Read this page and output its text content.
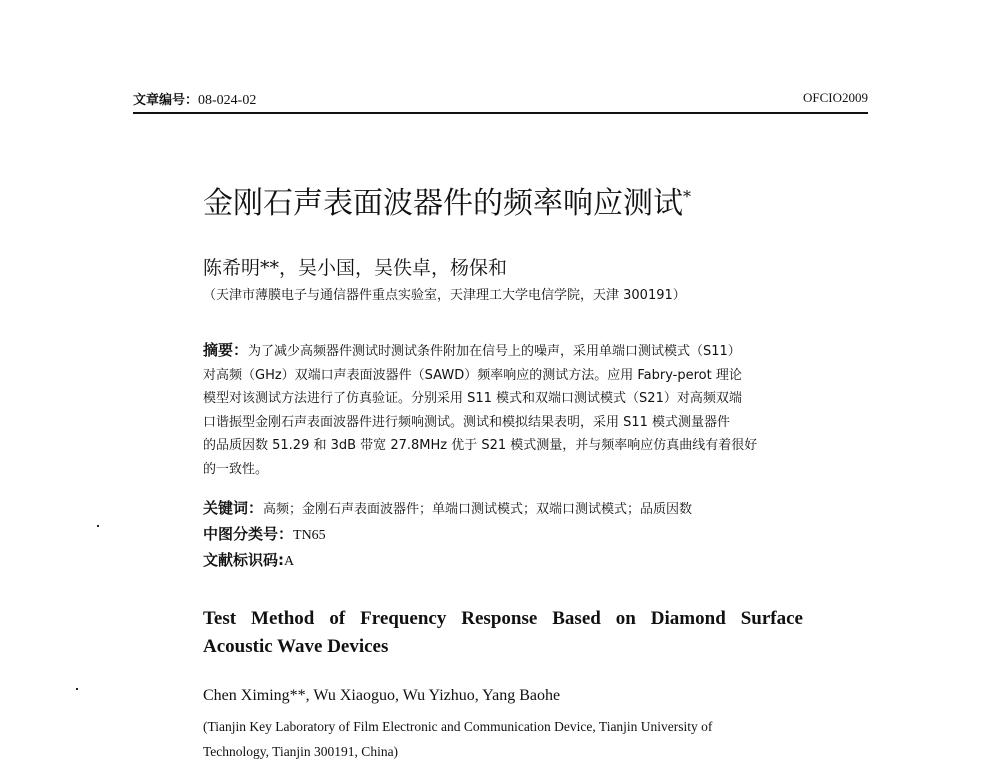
文章编号：08-024-02	OFCIO2009
金刚石声表面波器件的频率响应测试*
陈希明**，吴小国，吴佚卓，杨保和
（天津市薄膜电子与通信器件重点实验室，天津理工大学电信学院，天津 300191）
摘要：为了减少高频器件测试时测试条件附加在信号上的噪声，采用单端口测试模式（S11）
对高频（GHz）双端口声表面波器件（SAWD）频率响应的测试方法。应用 Fabry-perot 理论
模型对该测试方法进行了仿真验证。分别采用 S11 模式和双端口测试模式（S21）对高频双端
口谐振型金刚石声表面波器件进行频响测试。测试和模拟结果表明，采用 S11 模式测量器件
的品质因数 51.29 和 3dB 带宽 27.8MHz 优于 S21 模式测量，并与频率响应仿真曲线有着很好
的一致性。
关键词：高频；金刚石声表面波器件；单端口测试模式；双端口测试模式；品质因数
中图分类号：TN65
文献标识码:A
Test Method of Frequency Response Based on Diamond Surface
Acoustic Wave Devices
Chen Ximing**, Wu Xiaoguo, Wu Yizhuo, Yang Baohe
(Tianjin Key Laboratory of Film Electronic and Communication Device, Tianjin University of
Technology, Tianjin 300191, China)
